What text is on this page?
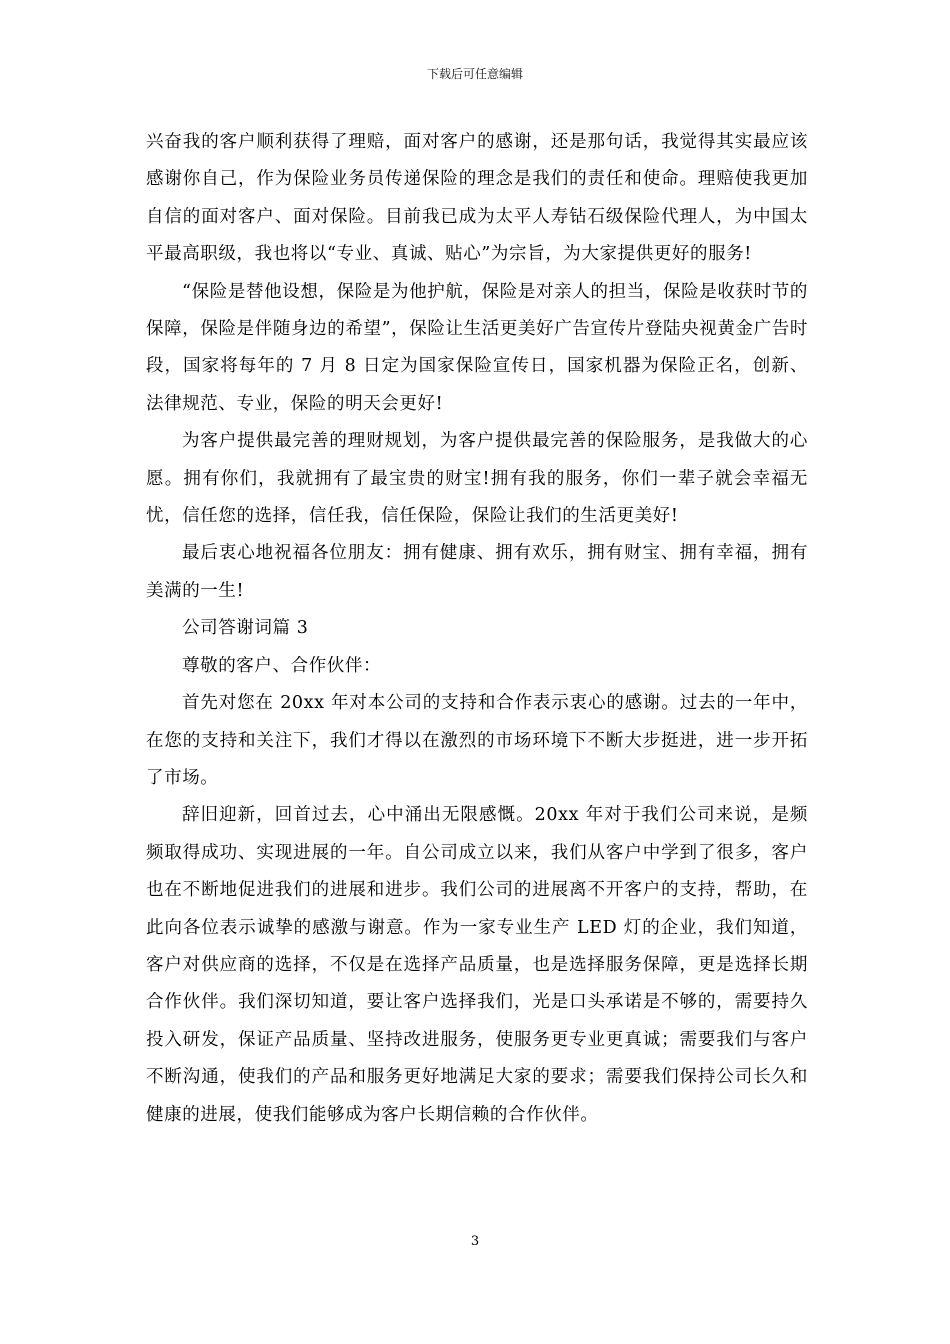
下载后可任意编辑

兴奋我的客户顺利获得了理赔，面对客户的感谢，还是那句话，我觉得其实最应该感谢你自己，作为保险业务员传递保险的理念是我们的责任和使命。理赔使我更加自信的面对客户、面对保险。目前我已成为太平人寿钻石级保险代理人，为中国太平最高职级，我也将以“专业、真诚、贴心”为宗旨，为大家提供更好的服务!

“保险是替他设想，保险是为他护航，保险是对亲人的担当，保险是收获时节的保障，保险是伴随身边的希望”，保险让生活更美好广告宣传片登陆央视黄金广告时段，国家将每年的 7 月 8 日定为国家保险宣传日，国家机器为保险正名，创新、法律规范、专业，保险的明天会更好!

为客户提供最完善的理财规划，为客户提供最完善的保险服务，是我做大的心愿。拥有你们，我就拥有了最宝贵的财宝!拥有我的服务，你们一辈子就会幸福无忧，信任您的选择，信任我，信任保险，保险让我们的生活更美好!

最后衷心地祝福各位朋友：拥有健康、拥有欢乐，拥有财宝、拥有幸福，拥有美满的一生!

公司答谢词篇 3

尊敬的客户、合作伙伴：

首先对您在 20xx 年对本公司的支持和合作表示衷心的感谢。过去的一年中，在您的支持和关注下，我们才得以在激烈的市场环境下不断大步挺进，进一步开拓了市场。

辞旧迎新，回首过去，心中涌出无限感慨。20xx 年对于我们公司来说，是频频取得成功、实现进展的一年。自公司成立以来，我们从客户中学到了很多，客户也在不断地促进我们的进展和进步。我们公司的进展离不开客户的支持，帮助，在此向各位表示诚挚的感激与谢意。作为一家专业生产 LED 灯的企业，我们知道，客户对供应商的选择，不仅是在选择产品质量，也是选择服务保障，更是选择长期合作伙伴。我们深切知道，要让客户选择我们，光是口头承诺是不够的，需要持久投入研发，保证产品质量、坚持改进服务，使服务更专业更真诚；需要我们与客户不断沟通，使我们的产品和服务更好地满足大家的要求；需要我们保持公司长久和健康的进展，使我们能够成为客户长期信赖的合作伙伴。

3
